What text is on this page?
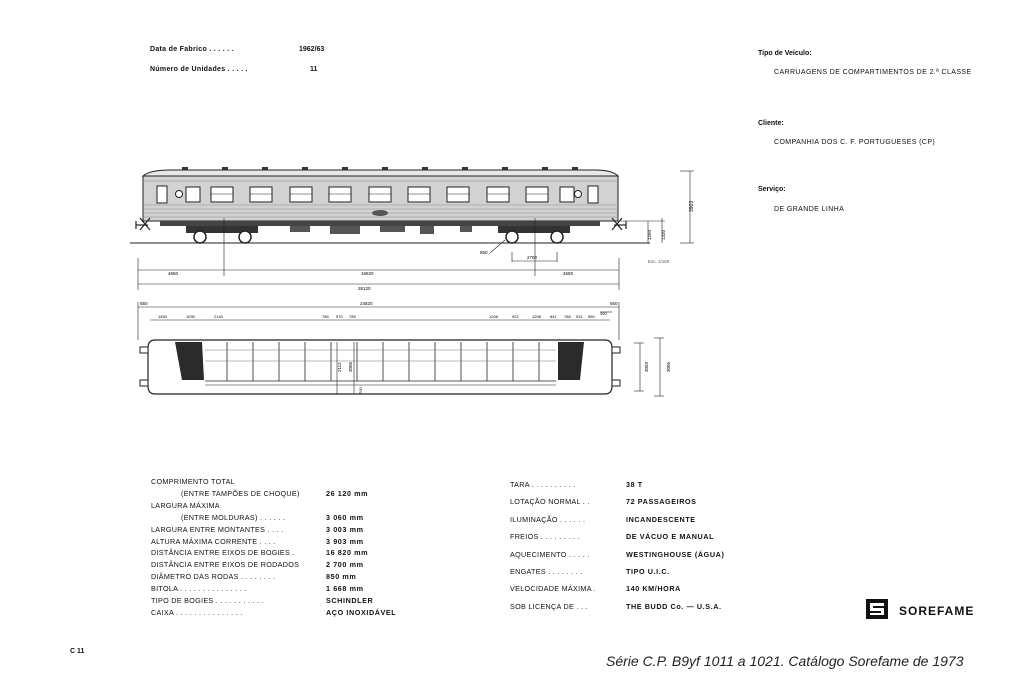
Data de Fabrico . . . . . .	1962/63
Número de Unidades . . . . .	11
Tipo de Veículo:
CARRUAGENS DE COMPARTIMENTOS DE 2.ª CLASSE
Cliente:
COMPANHIA DOS C. F. PORTUGUESES (CP)
Serviço:
DE GRANDE LINHA
3903
4650	16820	4650
26120
2700
850
1250 1320
Esc. 1/150
650	24820	650
390
1450	1030	2140	785 570 785	1208	922	1208 841 788 531 550
2112 3006
700
3003	3006
COMPRIMENTO TOTAL
(ENTRE TAMPÕES DE CHOQUE)	26 120 mm
LARGURA MÁXIMA
(ENTRE MOLDURAS) . . . . . .	3 060 mm
LARGURA ENTRE MONTANTES . . . .	3 003 mm
ALTURA MÁXIMA CORRENTE . . . .	3 903 mm
DISTÂNCIA ENTRE EIXOS DE BOGIES .	16 820 mm
DISTÂNCIA ENTRE EIXOS DE RODADOS	2 700 mm
DIÂMETRO DAS RODAS . . . . . . . .	850 mm
BITOLA . . . . . . . . . . . . . . .	1 668 mm
TIPO DE BOGIES . . . . . . . . . . .	SCHINDLER
CAIXA . . . . . . . . . . . . . . .	AÇO INOXIDÁVEL
TARA . . . . . . . . . .	38 T
LOTAÇÃO NORMAL . .	72 PASSAGEIROS
ILUMINAÇÃO . . . . . .	INCANDESCENTE
FREIOS . . . . . . . . .	DE VÁCUO E MANUAL
AQUECIMENTO . . . . .	WESTINGHOUSE (ÁGUA)
ENGATES . . . . . . . .	TIPO U.I.C.
VELOCIDADE MÁXIMA .	140 KM/HORA
SOB LICENÇA DE . . .	THE BUDD Co. — U.S.A.	SOREFAME
C 11
Série C.P. B9yf 1011 a 1021. Catálogo Sorefame de 1973
